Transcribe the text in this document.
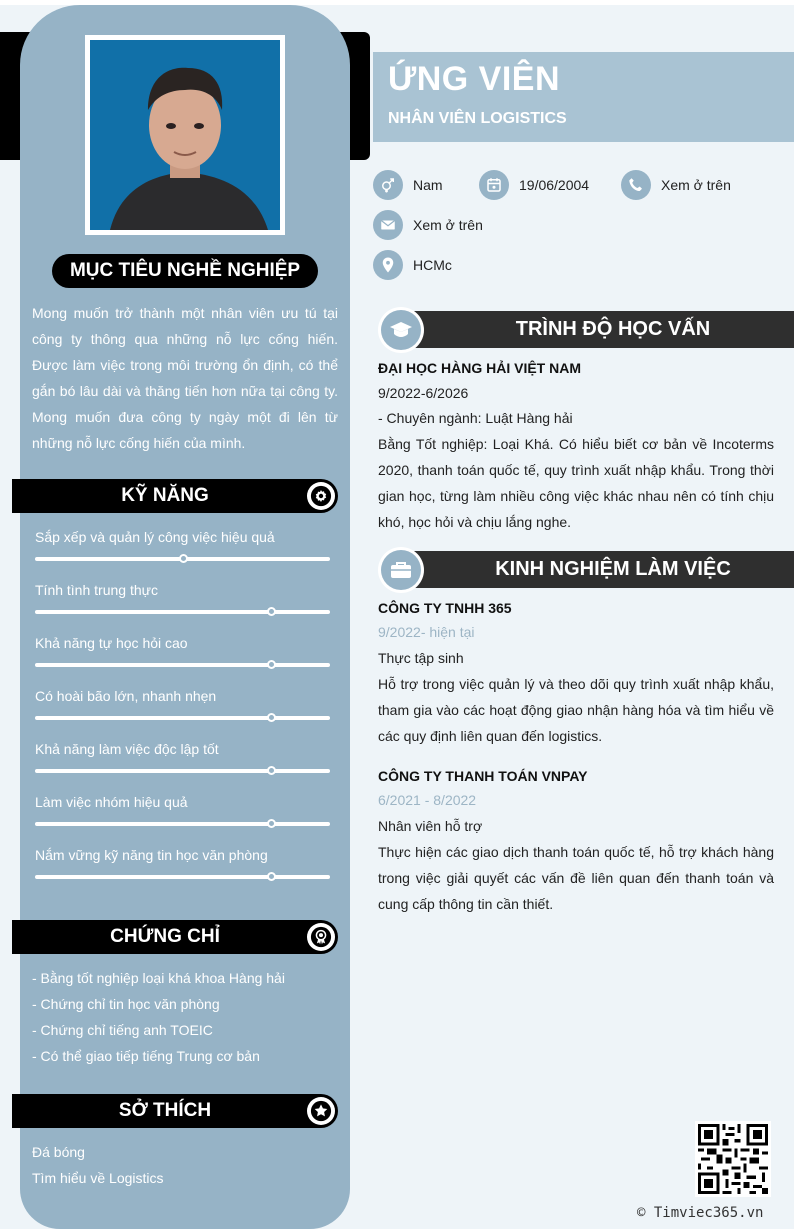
MỤC TIÊU NGHỀ NGHIỆP
Mong muốn trở thành một nhân viên ưu tú tại công ty thông qua những nỗ lực cống hiến. Được làm việc trong môi trường ổn định, có thể gắn bó lâu dài và thăng tiến hơn nữa tại công ty. Mong muốn đưa công ty ngày một đi lên từ những nỗ lực cống hiến của mình.
KỸ NĂNG
Sắp xếp và quản lý công việc hiệu quả
Tính tình trung thực
Khả năng tự học hỏi cao
Có hoài bão lớn, nhanh nhẹn
Khả năng làm việc độc lập tốt
Làm việc nhóm hiệu quả
Nắm vững kỹ năng tin học văn phòng
CHỨNG CHỈ
- Bằng tốt nghiệp loại khá khoa Hàng hải
- Chứng chỉ tin học văn phòng
- Chứng chỉ tiếng anh TOEIC
- Có thể giao tiếp tiếng Trung cơ bản
SỞ THÍCH
Đá bóng
Tìm hiểu về Logistics
ỨNG VIÊN
NHÂN VIÊN LOGISTICS
Nam	19/06/2004	Xem ở trên
Xem ở trên
HCMc
TRÌNH ĐỘ HỌC VẤN
ĐẠI HỌC HÀNG HẢI VIỆT NAM
9/2022-6/2026
- Chuyên ngành: Luật Hàng hải
Bằng Tốt nghiệp: Loại Khá. Có hiểu biết cơ bản về Incoterms 2020, thanh toán quốc tế, quy trình xuất nhập khẩu. Trong thời gian học, từng làm nhiều công việc khác nhau nên có tính chịu khó, học hỏi và chịu lắng nghe.
KINH NGHIỆM LÀM VIỆC
CÔNG TY TNHH 365
9/2022- hiện tại
Thực tập sinh
Hỗ trợ trong việc quản lý và theo dõi quy trình xuất nhập khẩu, tham gia vào các hoạt động giao nhận hàng hóa và tìm hiểu về các quy định liên quan đến logistics.
CÔNG TY THANH TOÁN VNPAY
6/2021 - 8/2022
Nhân viên hỗ trợ
Thực hiện các giao dịch thanh toán quốc tế, hỗ trợ khách hàng trong việc giải quyết các vấn đề liên quan đến thanh toán và cung cấp thông tin cần thiết.
© Timviec365.vn
